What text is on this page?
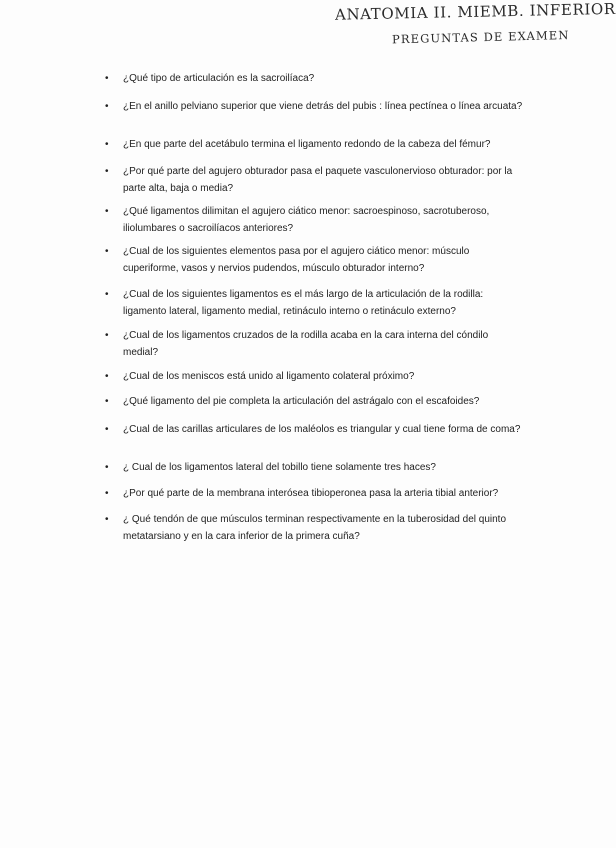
ANATOMIA II. MIEMB. INFERIOR
PREGUNTAS DE EXAMEN
• ¿Qué tipo de articulación es la sacroilíaca?
• ¿En el anillo pelviano superior que viene detrás del pubis : línea pectínea o línea arcuata?
• ¿En que parte del acetábulo termina el ligamento redondo de la cabeza del fémur?
• ¿Por qué parte del agujero obturador pasa el paquete vasculonervioso obturador: por la parte alta, baja o media?
• ¿Qué ligamentos dilimitan el agujero ciático menor: sacroespinoso, sacrotuberoso, iliolumbares o sacroilíacos anteriores?
• ¿Cual de los siguientes elementos pasa por el agujero ciático menor: músculo cuperiforme, vasos y nervios pudendos, músculo obturador interno?
• ¿Cual de los siguientes ligamentos es el más largo de la articulación de la rodilla: ligamento lateral, ligamento medial, retináculo interno o retináculo externo?
• ¿Cual de los ligamentos cruzados de la rodilla acaba en la cara interna del cóndilo medial?
• ¿Cual de los meniscos está unido al ligamento colateral próximo?
• ¿Qué ligamento del pie completa la articulación del astrágalo con el escafoides?
• ¿Cual de las carillas articulares de los maléolos es triangular y cual tiene forma de coma?
• ¿ Cual de los ligamentos lateral del tobillo tiene solamente tres haces?
• ¿Por qué parte de la membrana interósea tibioperonea pasa la arteria tibial anterior?
• ¿ Qué tendón de que músculos terminan respectivamente en la tuberosidad del quinto metatarsiano y en la cara inferior de la primera cuña?
